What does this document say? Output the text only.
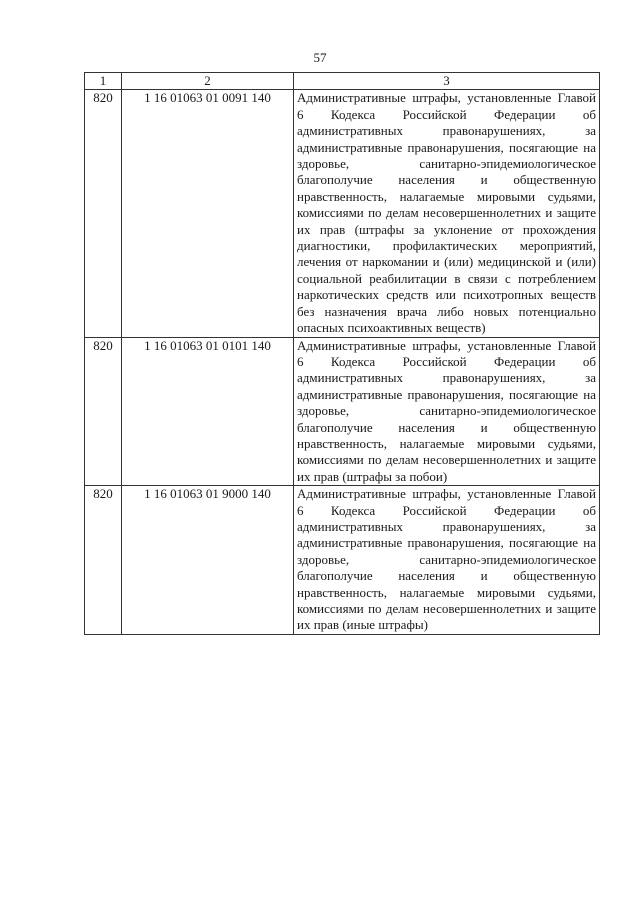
57
1	2	3
820	1 16 01063 01 0091 140	Административные штрафы, установленные Главой 6 Кодекса Российской Федерации об административных правонарушениях, за административные правонарушения, посягающие на здоровье, санитарно-эпидемиологическое благополучие населения и общественную нравственность, налагаемые мировыми судьями, комиссиями по делам несовершеннолетних и защите их прав (штрафы за уклонение от прохождения диагностики, профилактических мероприятий, лечения от наркомании и (или) медицинской и (или) социальной реабилитации в связи с потреблением наркотических средств или психотропных веществ без назначения врача либо новых потенциально опасных психоактивных веществ)
820	1 16 01063 01 0101 140	Административные штрафы, установленные Главой 6 Кодекса Российской Федерации об административных правонарушениях, за административные правонарушения, посягающие на здоровье, санитарно-эпидемиологическое благополучие населения и общественную нравственность, налагаемые мировыми судьями, комиссиями по делам несовершеннолетних и защите их прав (штрафы за побои)
820	1 16 01063 01 9000 140	Административные штрафы, установленные Главой 6 Кодекса Российской Федерации об административных правонарушениях, за административные правонарушения, посягающие на здоровье, санитарно-эпидемиологическое благополучие населения и общественную нравственность, налагаемые мировыми судьями, комиссиями по делам несовершеннолетних и защите их прав (иные штрафы)
